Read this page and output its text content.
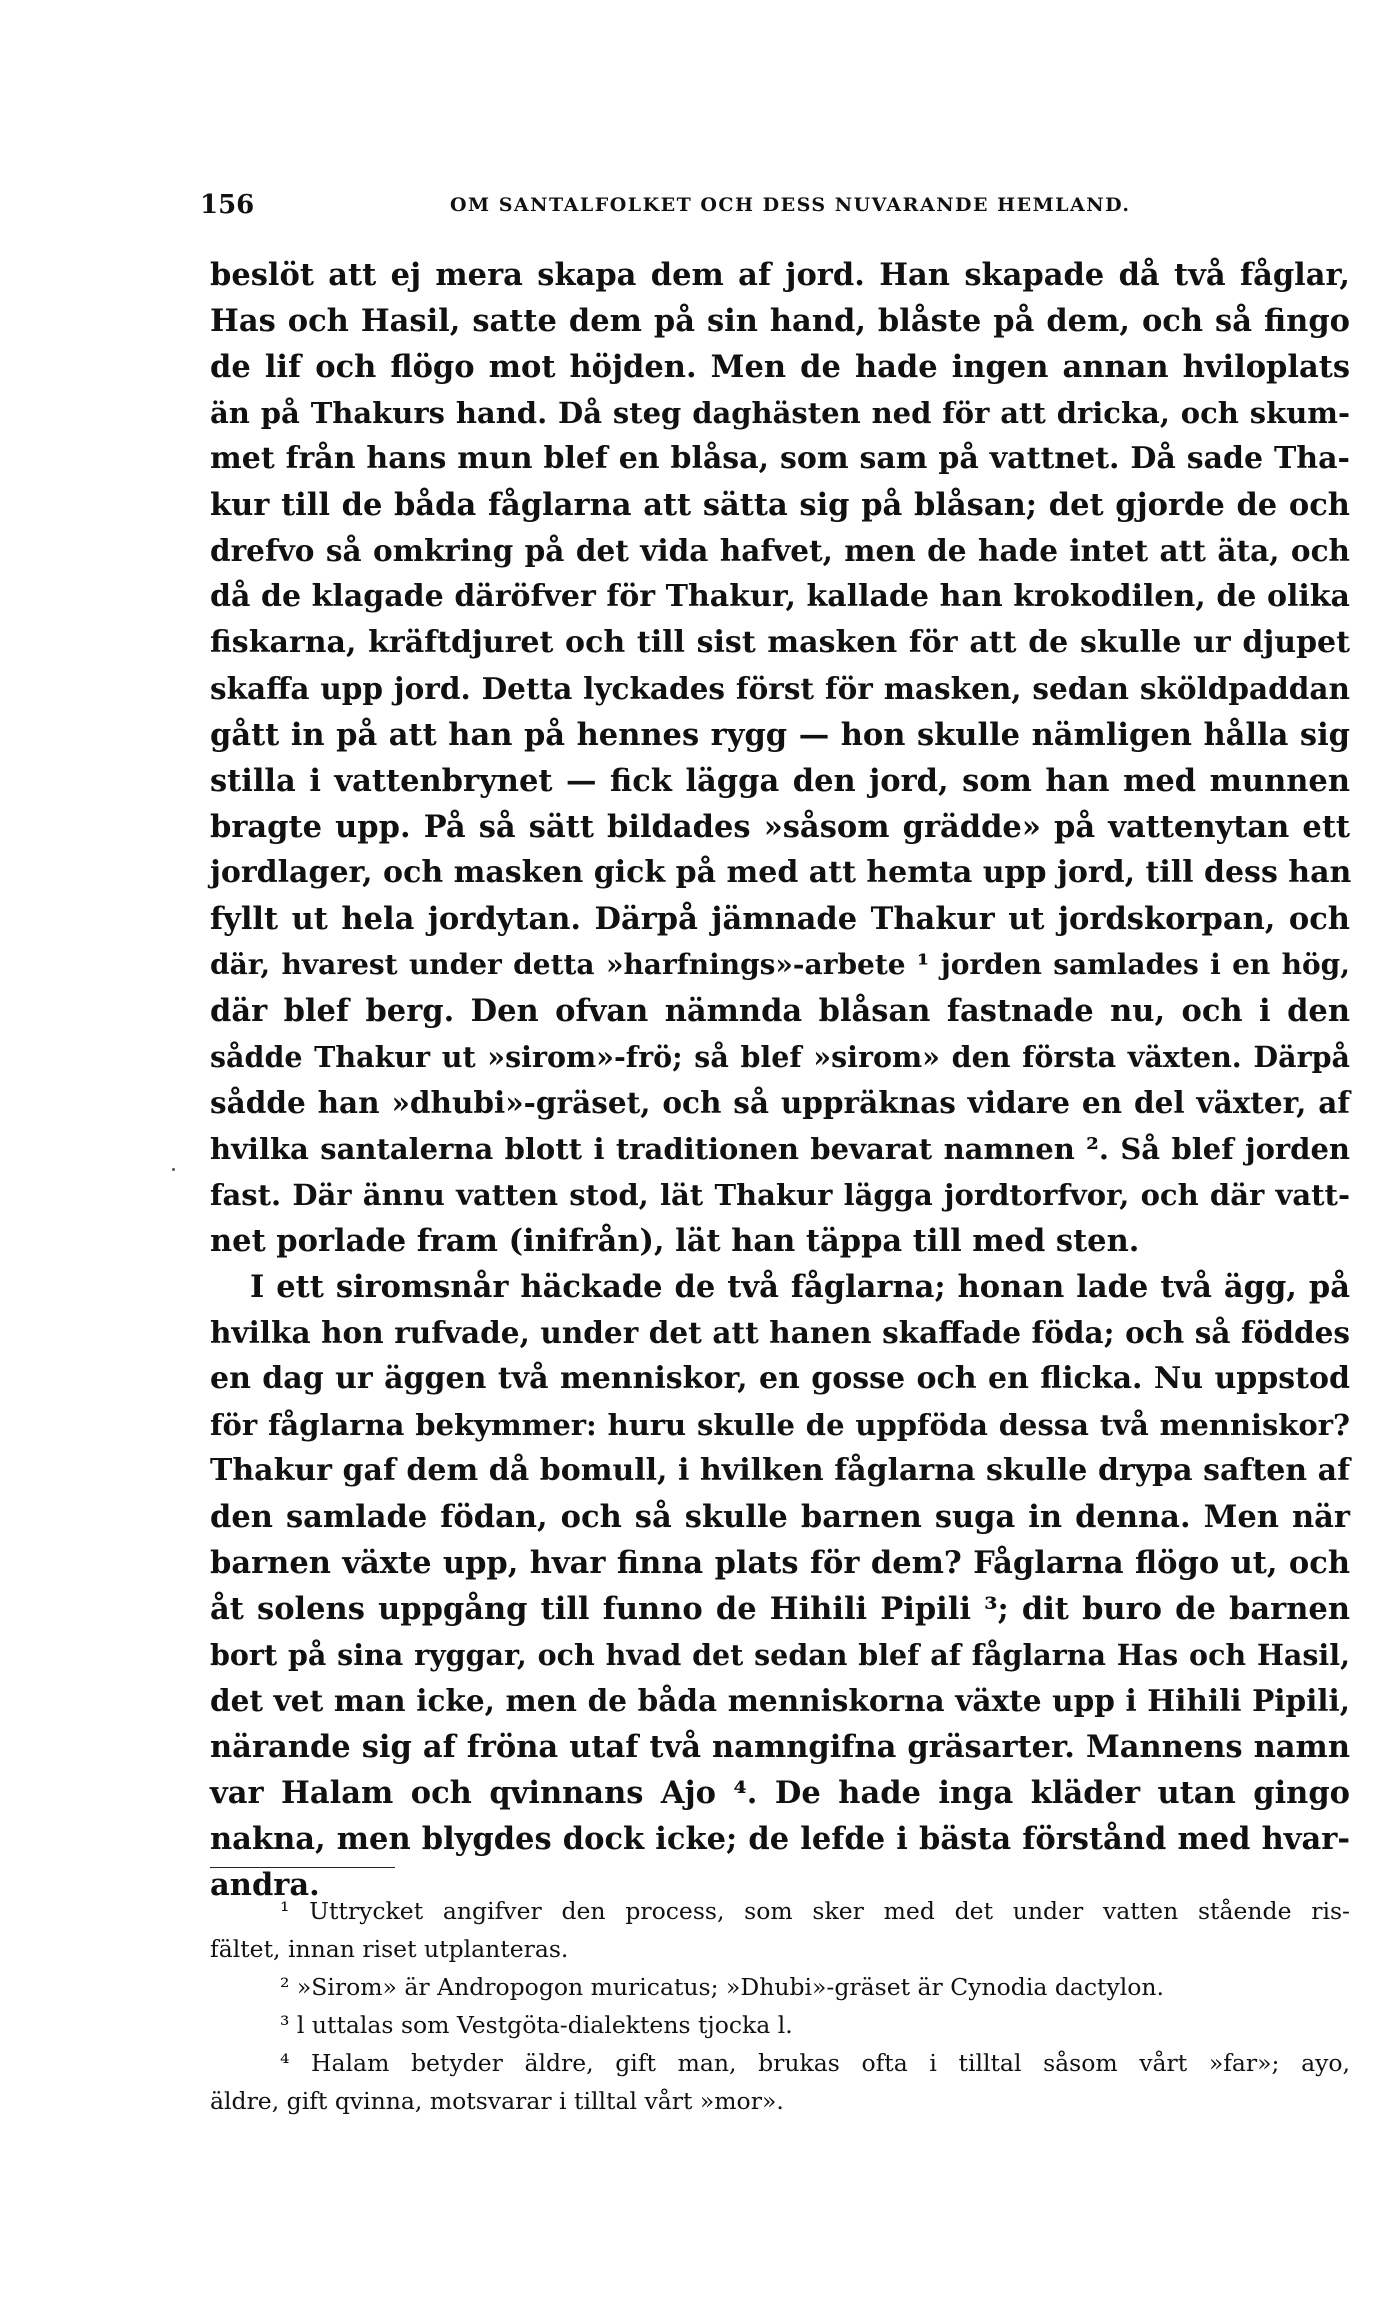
156	OM SANTALFOLKET OCH DESS NUVARANDE HEMLAND.
beslöt att ej mera skapa dem af jord. Han skapade då två fåglar,
Has och Hasil, satte dem på sin hand, blåste på dem, och så fingo
de lif och flögo mot höjden. Men de hade ingen annan hviloplats
än på Thakurs hand. Då steg daghästen ned för att dricka, och skum-
met från hans mun blef en blåsa, som sam på vattnet. Då sade Tha-
kur till de båda fåglarna att sätta sig på blåsan; det gjorde de och
drefvo så omkring på det vida hafvet, men de hade intet att äta, och
då de klagade däröfver för Thakur, kallade han krokodilen, de olika
fiskarna, kräftdjuret och till sist masken för att de skulle ur djupet
skaffa upp jord. Detta lyckades först för masken, sedan sköldpaddan
gått in på att han på hennes rygg — hon skulle nämligen hålla sig
stilla i vattenbrynet — fick lägga den jord, som han med munnen
bragte upp. På så sätt bildades »såsom grädde» på vattenytan ett
jordlager, och masken gick på med att hemta upp jord, till dess han
fyllt ut hela jordytan. Därpå jämnade Thakur ut jordskorpan, och
där, hvarest under detta »harfnings»-arbete ¹ jorden samlades i en hög,
där blef berg. Den ofvan nämnda blåsan fastnade nu, och i den
sådde Thakur ut »sirom»-frö; så blef »sirom» den första växten. Därpå
sådde han »dhubi»-gräset, och så uppräknas vidare en del växter, af
hvilka santalerna blott i traditionen bevarat namnen ². Så blef jorden
fast. Där ännu vatten stod, lät Thakur lägga jordtorfvor, och där vatt-
net porlade fram (inifrån), lät han täppa till med sten.
I ett siromsnår häckade de två fåglarna; honan lade två ägg, på
hvilka hon rufvade, under det att hanen skaffade föda; och så föddes
en dag ur äggen två menniskor, en gosse och en flicka. Nu uppstod
för fåglarna bekymmer: huru skulle de uppföda dessa två menniskor?
Thakur gaf dem då bomull, i hvilken fåglarna skulle drypa saften af
den samlade födan, och så skulle barnen suga in denna. Men när
barnen växte upp, hvar finna plats för dem? Fåglarna flögo ut, och
åt solens uppgång till funno de Hihili Pipili ³; dit buro de barnen
bort på sina ryggar, och hvad det sedan blef af fåglarna Has och Hasil,
det vet man icke, men de båda menniskorna växte upp i Hihili Pipili,
närande sig af fröna utaf två namngifna gräsarter. Mannens namn
var Halam och qvinnans Ajo ⁴. De hade inga kläder utan gingo
nakna, men blygdes dock icke; de lefde i bästa förstånd med hvar-
andra.
¹ Uttrycket angifver den process, som sker med det under vatten stående ris-
fältet, innan riset utplanteras.
² »Sirom» är Andropogon muricatus; »Dhubi»-gräset är Cynodia dactylon.
³ l uttalas som Vestgöta-dialektens tjocka l.
⁴ Halam betyder äldre, gift man, brukas ofta i tilltal såsom vårt »far»; ayo,
äldre, gift qvinna, motsvarar i tilltal vårt »mor».
